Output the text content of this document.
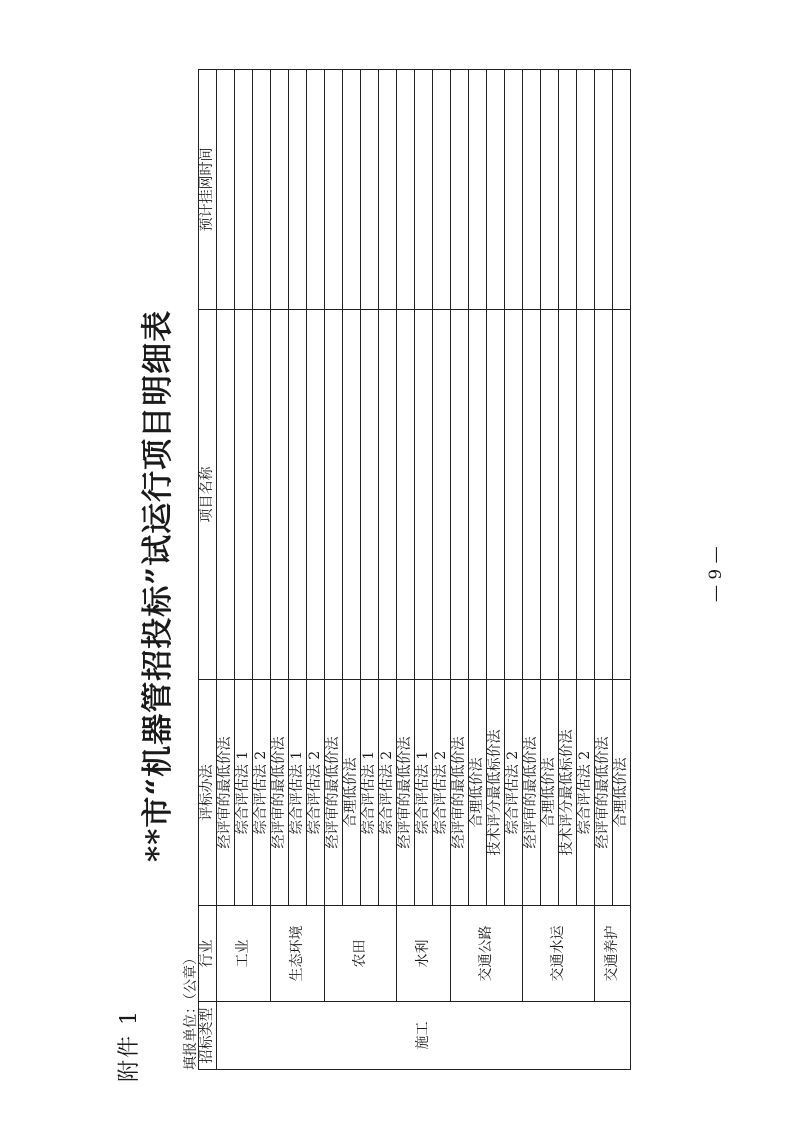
附件 1
**市“机器管招投标”试运行项目明细表
填报单位：（公章） 招标类型	行业	评标办法	项目名称	预计挂网时间
施工	工业	经评审的最低价法		
		综合评估法 1		
		综合评估法 2		
	生态环境	经评审的最低价法		
		综合评估法 1		
		综合评估法 2		
	农田	经评审的最低价法		
		合理低价法		
		综合评估法 1		
		综合评估法 2		
	水利	经评审的最低价法		
		综合评估法 1		
		综合评估法 2		
	交通公路	经评审的最低价法		
		合理低价法		
		技术评分最低标价法		
		综合评估法 2		
	交通水运	经评审的最低价法		
		合理低价法		
		技术评分最低标价法		
		综合评估法 2		
	交通养护	经评审的最低价法		
		合理低价法		
— 9 —
